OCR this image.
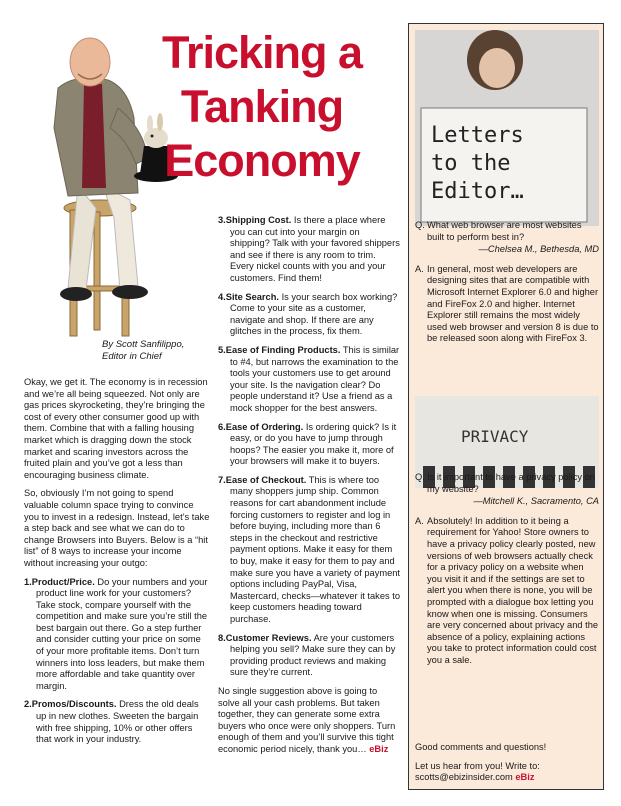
Tricking a
Tanking
Economy
By Scott Sanfilippo,
Editor in Chief

Okay, we get it. The economy is in recession and we’re all being squeezed. Not only are gas prices skyrocketing, they’re bringing the cost of every other consumer good up with them. Combine that with a falling housing market which is dragging down the stock market and scaring investors across the fruited plain and you’ve got a less than encouraging business climate.

So, obviously I’m not going to spend valuable column space trying to convince you to invest in a redesign. Instead, let’s take a step back and see what we can do to change Browsers into Buyers. Below is a “hit list” of 8 ways to increase your income without increasing your outgo:

1.Product/Price. Do your numbers and your product line work for your customers? Take stock, compare yourself with the competition and make sure you’re still the best bargain out there. Go a step further and consider cutting your price on some of your more profitable items. Don’t turn winners into loss leaders, but make them more affordable and take quantity over margin.
2.Promos/Discounts. Dress the old deals up in new clothes. Sweeten the bargain with free shipping, 10% or other offers that work in your industry.
3.Shipping Cost. Is there a place where you can cut into your margin on shipping? Talk with your favored shippers and see if there is any room to trim. Every nickel counts with you and your customers. Find them!
4.Site Search. Is your search box working? Come to your site as a customer, navigate and shop. If there are any glitches in the process, fix them.
5.Ease of Finding Products. This is similar to #4, but narrows the examination to the tools your customers use to get around your site. Is the navigation clear? Do people understand it? Use a friend as a mock shopper for the best answers.
6.Ease of Ordering. Is ordering quick? Is it easy, or do you have to jump through hoops? The easier you make it, more of your browsers will make it to buyers.
7.Ease of Checkout. This is where too many shoppers jump ship. Common reasons for cart abandonment include forcing customers to register and log in before buying, including more than 6 steps in the checkout and restrictive payment options. Make it easy for them to buy, make it easy for them to pay and make sure you have a variety of payment options including PayPal, Visa, Mastercard, checks—whatever it takes to keep customers heading toward purchase.
8.Customer Reviews. Are your customers helping you sell? Make sure they can by providing product reviews and making sure they’re current.

No single suggestion above is going to solve all your cash problems. But taken together, they can generate some extra buyers who once were only shoppers. Turn enough of them and you’ll survive this tight economic period nicely, thank you… eBiz

Letters
to the
Editor…
Q. What web browser are most websites built to perform best in?
—Chelsea M., Bethesda, MD
A. In general, most web developers are designing sites that are compatible with Microsoft Internet Explorer 6.0 and higher and FireFox 2.0 and higher. Internet Explorer still remains the most widely used web browser and version 8 is due to be released soon along with FireFox 3.
PRIVACY
Q. Is it important to have a privacy policy on my website?
—Mitchell K., Sacramento, CA
A. Absolutely! In addition to it being a requirement for Yahoo! Store owners to have a privacy policy clearly posted, new versions of web browsers actually check for a privacy policy on a website when you visit it and if the settings are set to alert you when there is none, you will be prompted with a dialogue box letting you know when one is missing. Consumers are very concerned about privacy and the absence of a policy, explaining actions you take to protect information could cost you a sale.

Good comments and questions!

Let us hear from you! Write to:
scotts@ebizinsider.com eBiz
